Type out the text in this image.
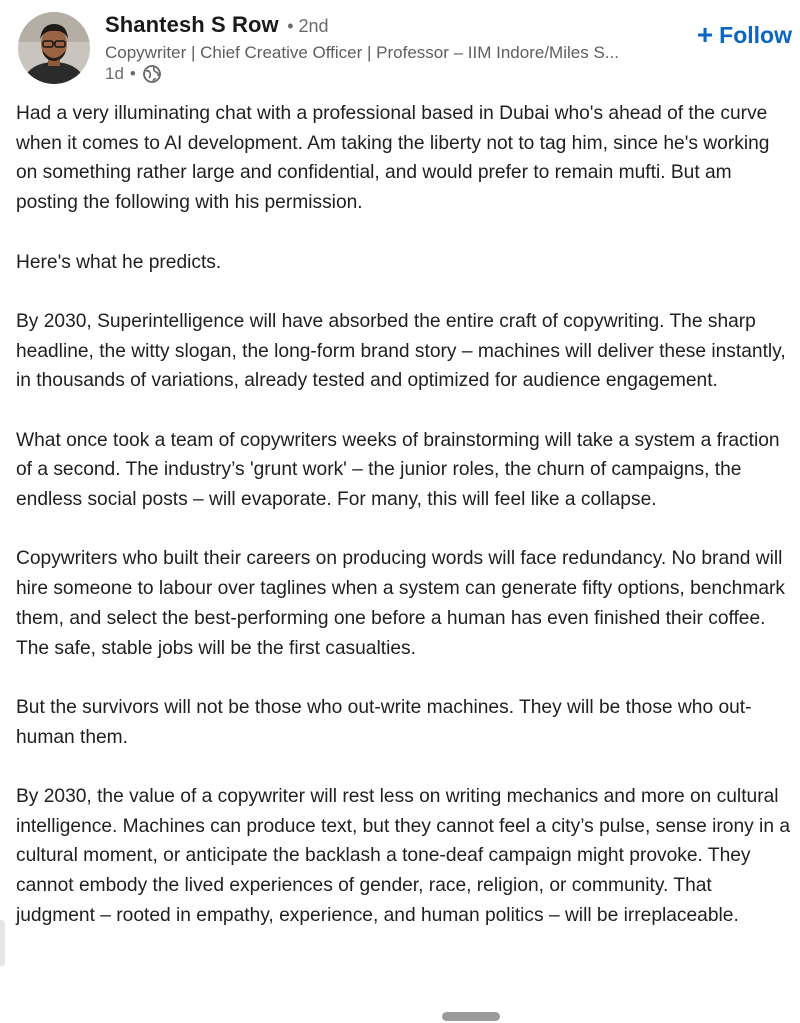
Shantesh S Row • 2nd
Copywriter | Chief Creative Officer | Professor – IIM Indore/Miles S...
1d •
+ Follow

Had a very illuminating chat with a professional based in Dubai who's ahead of the curve when it comes to AI development. Am taking the liberty not to tag him, since he's working on something rather large and confidential, and would prefer to remain mufti. But am posting the following with his permission.

Here's what he predicts.

By 2030, Superintelligence will have absorbed the entire craft of copywriting. The sharp headline, the witty slogan, the long-form brand story – machines will deliver these instantly, in thousands of variations, already tested and optimized for audience engagement.

What once took a team of copywriters weeks of brainstorming will take a system a fraction of a second. The industry’s 'grunt work' – the junior roles, the churn of campaigns, the endless social posts – will evaporate. For many, this will feel like a collapse.

Copywriters who built their careers on producing words will face redundancy. No brand will hire someone to labour over taglines when a system can generate fifty options, benchmark them, and select the best-performing one before a human has even finished their coffee. The safe, stable jobs will be the first casualties.

But the survivors will not be those who out-write machines. They will be those who out-human them.

By 2030, the value of a copywriter will rest less on writing mechanics and more on cultural intelligence. Machines can produce text, but they cannot feel a city’s pulse, sense irony in a cultural moment, or anticipate the backlash a tone-deaf campaign might provoke. They cannot embody the lived experiences of gender, race, religion, or community. That judgment – rooted in empathy, experience, and human politics – will be irreplaceable.
